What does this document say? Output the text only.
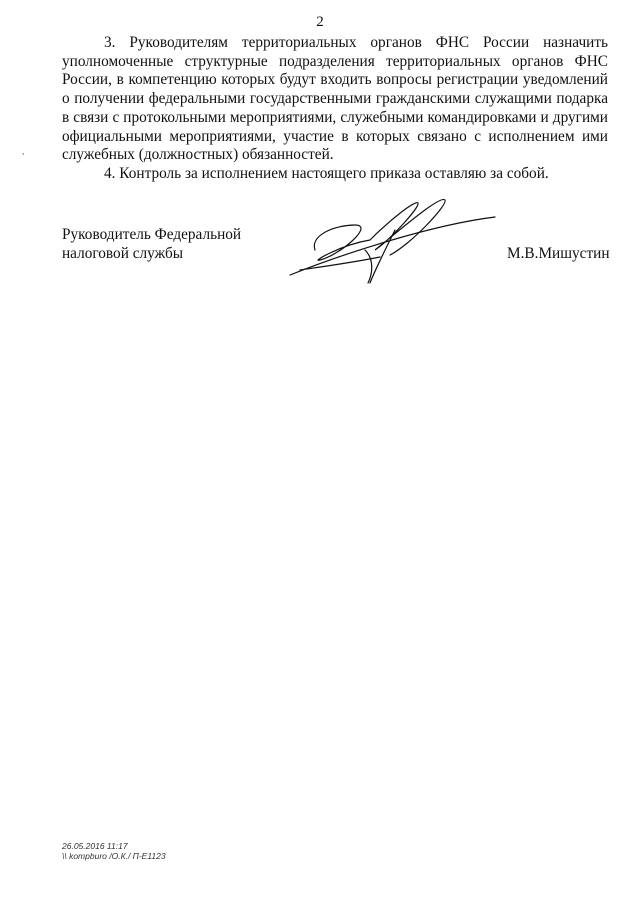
2
,

3. Руководителям территориальных органов ФНС России назначить уполномоченные структурные подразделения территориальных органов ФНС России, в компетенцию которых будут входить вопросы регистрации уведомлений о получении федеральными государственными гражданскими служащими подарка в связи с протокольными мероприятиями, служебными командировками и другими официальными мероприятиями, участие в которых связано с исполнением ими служебных (должностных) обязанностей.

4. Контроль за исполнением настоящего приказа оставляю за собой.

Руководитель Федеральной
налоговой службы	М.В.Мишустин
26.05.2016 11:17
\\ kompburo /О.К./ П-Е1123
